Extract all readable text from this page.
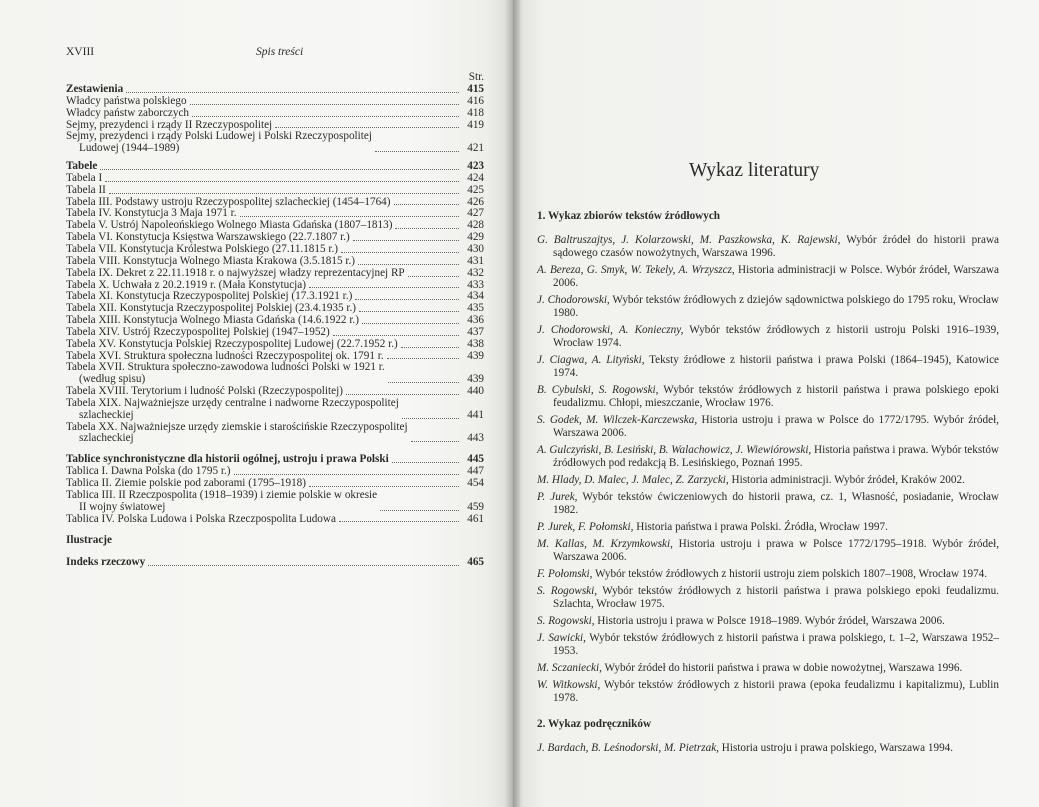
XVIII	Spis treści
Str.
Zestawienia	415
Władcy państwa polskiego	416
Władcy państw zaborczych	418
Sejmy, prezydenci i rządy II Rzeczypospolitej	419
Sejmy, prezydenci i rządy Polski Ludowej i Polski Rzeczypospolitej
Ludowej (1944–1989)	421
Tabele	423
Tabela I	424
Tabela II	425
Tabela III. Podstawy ustroju Rzeczypospolitej szlacheckiej (1454–1764)	426
Tabela IV. Konstytucja 3 Maja 1971 r.	427
Tabela V. Ustrój Napoleońskiego Wolnego Miasta Gdańska (1807–1813)	428
Tabela VI. Konstytucja Księstwa Warszawskiego (22.7.1807 r.)	429
Tabela VII. Konstytucja Królestwa Polskiego (27.11.1815 r.)	430
Tabela VIII. Konstytucja Wolnego Miasta Krakowa (3.5.1815 r.)	431
Tabela IX. Dekret z 22.11.1918 r. o najwyższej władzy reprezentacyjnej RP	432
Tabela X. Uchwała z 20.2.1919 r. (Mała Konstytucja)	433
Tabela XI. Konstytucja Rzeczypospolitej Polskiej (17.3.1921 r.)	434
Tabela XII. Konstytucja Rzeczypospolitej Polskiej (23.4.1935 r.)	435
Tabela XIII. Konstytucja Wolnego Miasta Gdańska (14.6.1922 r.)	436
Tabela XIV. Ustrój Rzeczypospolitej Polskiej (1947–1952)	437
Tabela XV. Konstytucja Polskiej Rzeczypospolitej Ludowej (22.7.1952 r.)	438
Tabela XVI. Struktura społeczna ludności Rzeczypospolitej ok. 1791 r.	439
Tabela XVII. Struktura społeczno-zawodowa ludności Polski w 1921 r.
(według spisu)	439
Tabela XVIII. Terytorium i ludność Polski (Rzeczypospolitej)	440
Tabela XIX. Najważniejsze urzędy centralne i nadworne Rzeczypospolitej
szlacheckiej	441
Tabela XX. Najważniejsze urzędy ziemskie i starościńskie Rzeczypospolitej
szlacheckiej	443
Tablice synchronistyczne dla historii ogólnej, ustroju i prawa Polski	445
Tablica I. Dawna Polska (do 1795 r.)	447
Tablica II. Ziemie polskie pod zaborami (1795–1918)	454
Tablica III. II Rzeczpospolita (1918–1939) i ziemie polskie w okresie
II wojny światowej	459
Tablica IV. Polska Ludowa i Polska Rzeczpospolita Ludowa	461
Ilustracje
Indeks rzeczowy	465
Wykaz literatury
1. Wykaz zbiorów tekstów źródłowych
G. Baltruszajtys, J. Kolarzowski, M. Paszkowska, K. Rajewski, Wybór źródeł do historii prawa sądowego czasów nowożytnych, Warszawa 1996.
A. Bereza, G. Smyk, W. Tekely, A. Wrzyszcz, Historia administracji w Polsce. Wybór źródeł, Warszawa 2006.
J. Chodorowski, Wybór tekstów źródłowych z dziejów sądownictwa polskiego do 1795 roku, Wrocław 1980.
J. Chodorowski, A. Konieczny, Wybór tekstów źródłowych z historii ustroju Polski 1916–1939, Wrocław 1974.
J. Ciagwa, A. Lityński, Teksty źródłowe z historii państwa i prawa Polski (1864–1945), Katowice 1974.
B. Cybulski, S. Rogowski, Wybór tekstów źródłowych z historii państwa i prawa polskiego epoki feudalizmu. Chłopi, mieszczanie, Wrocław 1976.
S. Godek, M. Wilczek-Karczewska, Historia ustroju i prawa w Polsce do 1772/1795. Wybór źródeł, Warszawa 2006.
A. Gulczyński, B. Lesiński, B. Walachowicz, J. Wiewiórowski, Historia państwa i prawa. Wybór tekstów źródłowych pod redakcją B. Lesińskiego, Poznań 1995.
M. Hlady, D. Malec, J. Malec, Z. Zarzycki, Historia administracji. Wybór źródeł, Kraków 2002.
P. Jurek, Wybór tekstów ćwiczeniowych do historii prawa, cz. 1, Własność, posiadanie, Wrocław 1982.
P. Jurek, F. Połomski, Historia państwa i prawa Polski. Źródła, Wrocław 1997.
M. Kallas, M. Krzymkowski, Historia ustroju i prawa w Polsce 1772/1795–1918. Wybór źródeł, Warszawa 2006.
F. Połomski, Wybór tekstów źródłowych z historii ustroju ziem polskich 1807–1908, Wrocław 1974.
S. Rogowski, Wybór tekstów źródłowych z historii państwa i prawa polskiego epoki feudalizmu. Szlachta, Wrocław 1975.
S. Rogowski, Historia ustroju i prawa w Polsce 1918–1989. Wybór źródeł, Warszawa 2006.
J. Sawicki, Wybór tekstów źródłowych z historii państwa i prawa polskiego, t. 1–2, Warszawa 1952–1953.
M. Sczaniecki, Wybór źródeł do historii państwa i prawa w dobie nowożytnej, Warszawa 1996.
W. Witkowski, Wybór tekstów źródłowych z historii prawa (epoka feudalizmu i kapitalizmu), Lublin 1978.
2. Wykaz podręczników
J. Bardach, B. Leśnodorski, M. Pietrzak, Historia ustroju i prawa polskiego, Warszawa 1994.
